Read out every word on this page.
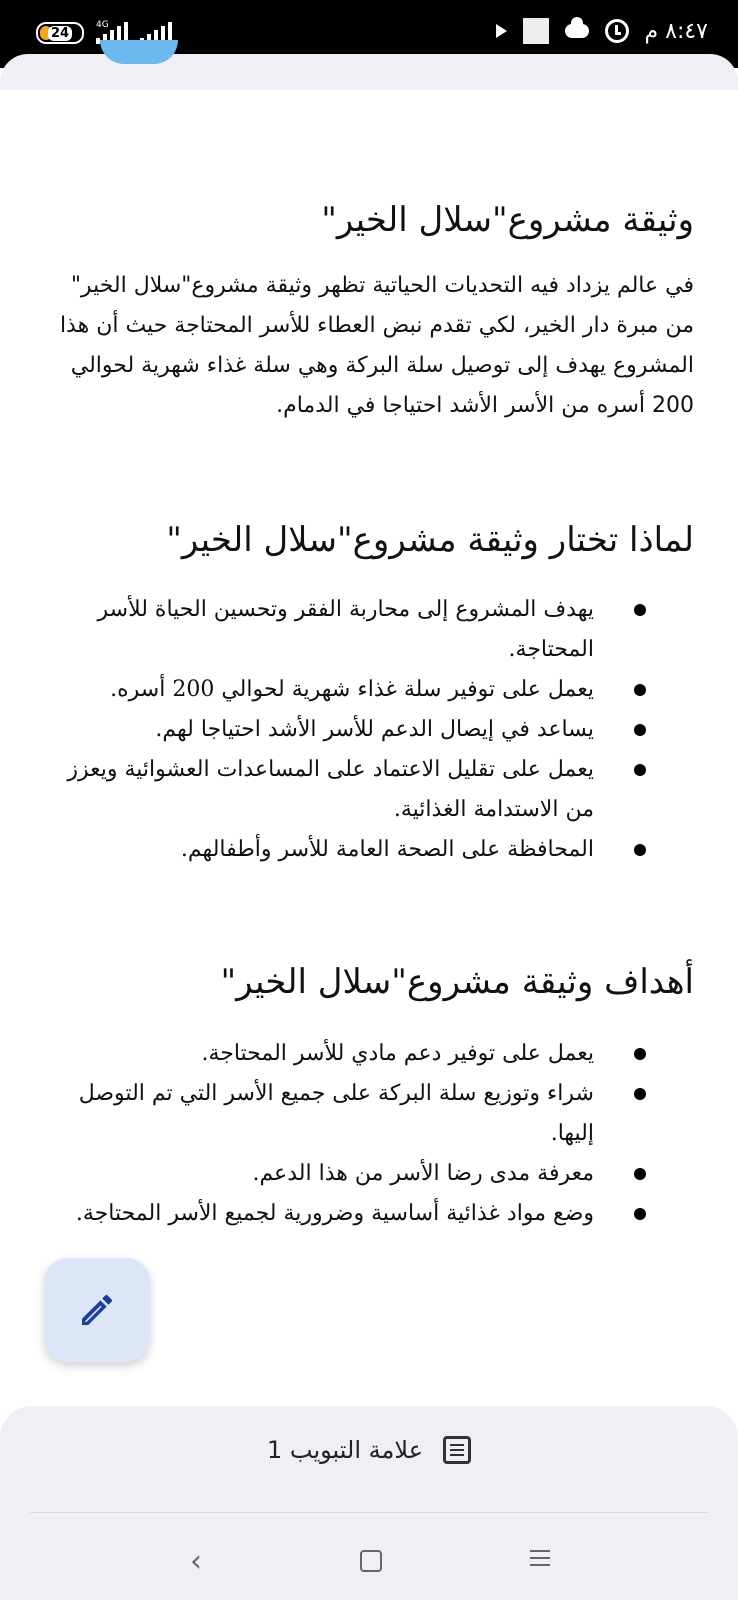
24
4G	٨:٤٧ م
وثيقة مشروع"سلال الخير"

في عالم يزداد فيه التحديات الحياتية تظهر وثيقة مشروع"سلال الخير" من مبرة دار الخير، لكي تقدم نبض العطاء للأسر المحتاجة حيث أن هذا المشروع يهدف إلى توصيل سلة البركة وهي سلة غذاء شهرية لحوالي 200 أسره من الأسر الأشد احتياجا في الدمام.

لماذا تختار وثيقة مشروع"سلال الخير"
يهدف المشروع إلى محاربة الفقر وتحسين الحياة للأسر المحتاجة.
يعمل على توفير سلة غذاء شهرية لحوالي 200 أسره.
يساعد في إيصال الدعم للأسر الأشد احتياجا لهم.
يعمل على تقليل الاعتماد على المساعدات العشوائية ويعزز من الاستدامة الغذائية.
المحافظة على الصحة العامة للأسر وأطفالهم.
أهداف وثيقة مشروع"سلال الخير"
يعمل على توفير دعم مادي للأسر المحتاجة.
شراء وتوزيع سلة البركة على جميع الأسر التي تم التوصل إليها.
معرفة مدى رضا الأسر من هذا الدعم.
وضع مواد غذائية أساسية وضرورية لجميع الأسر المحتاجة.
علامة التبويب 1
‹
